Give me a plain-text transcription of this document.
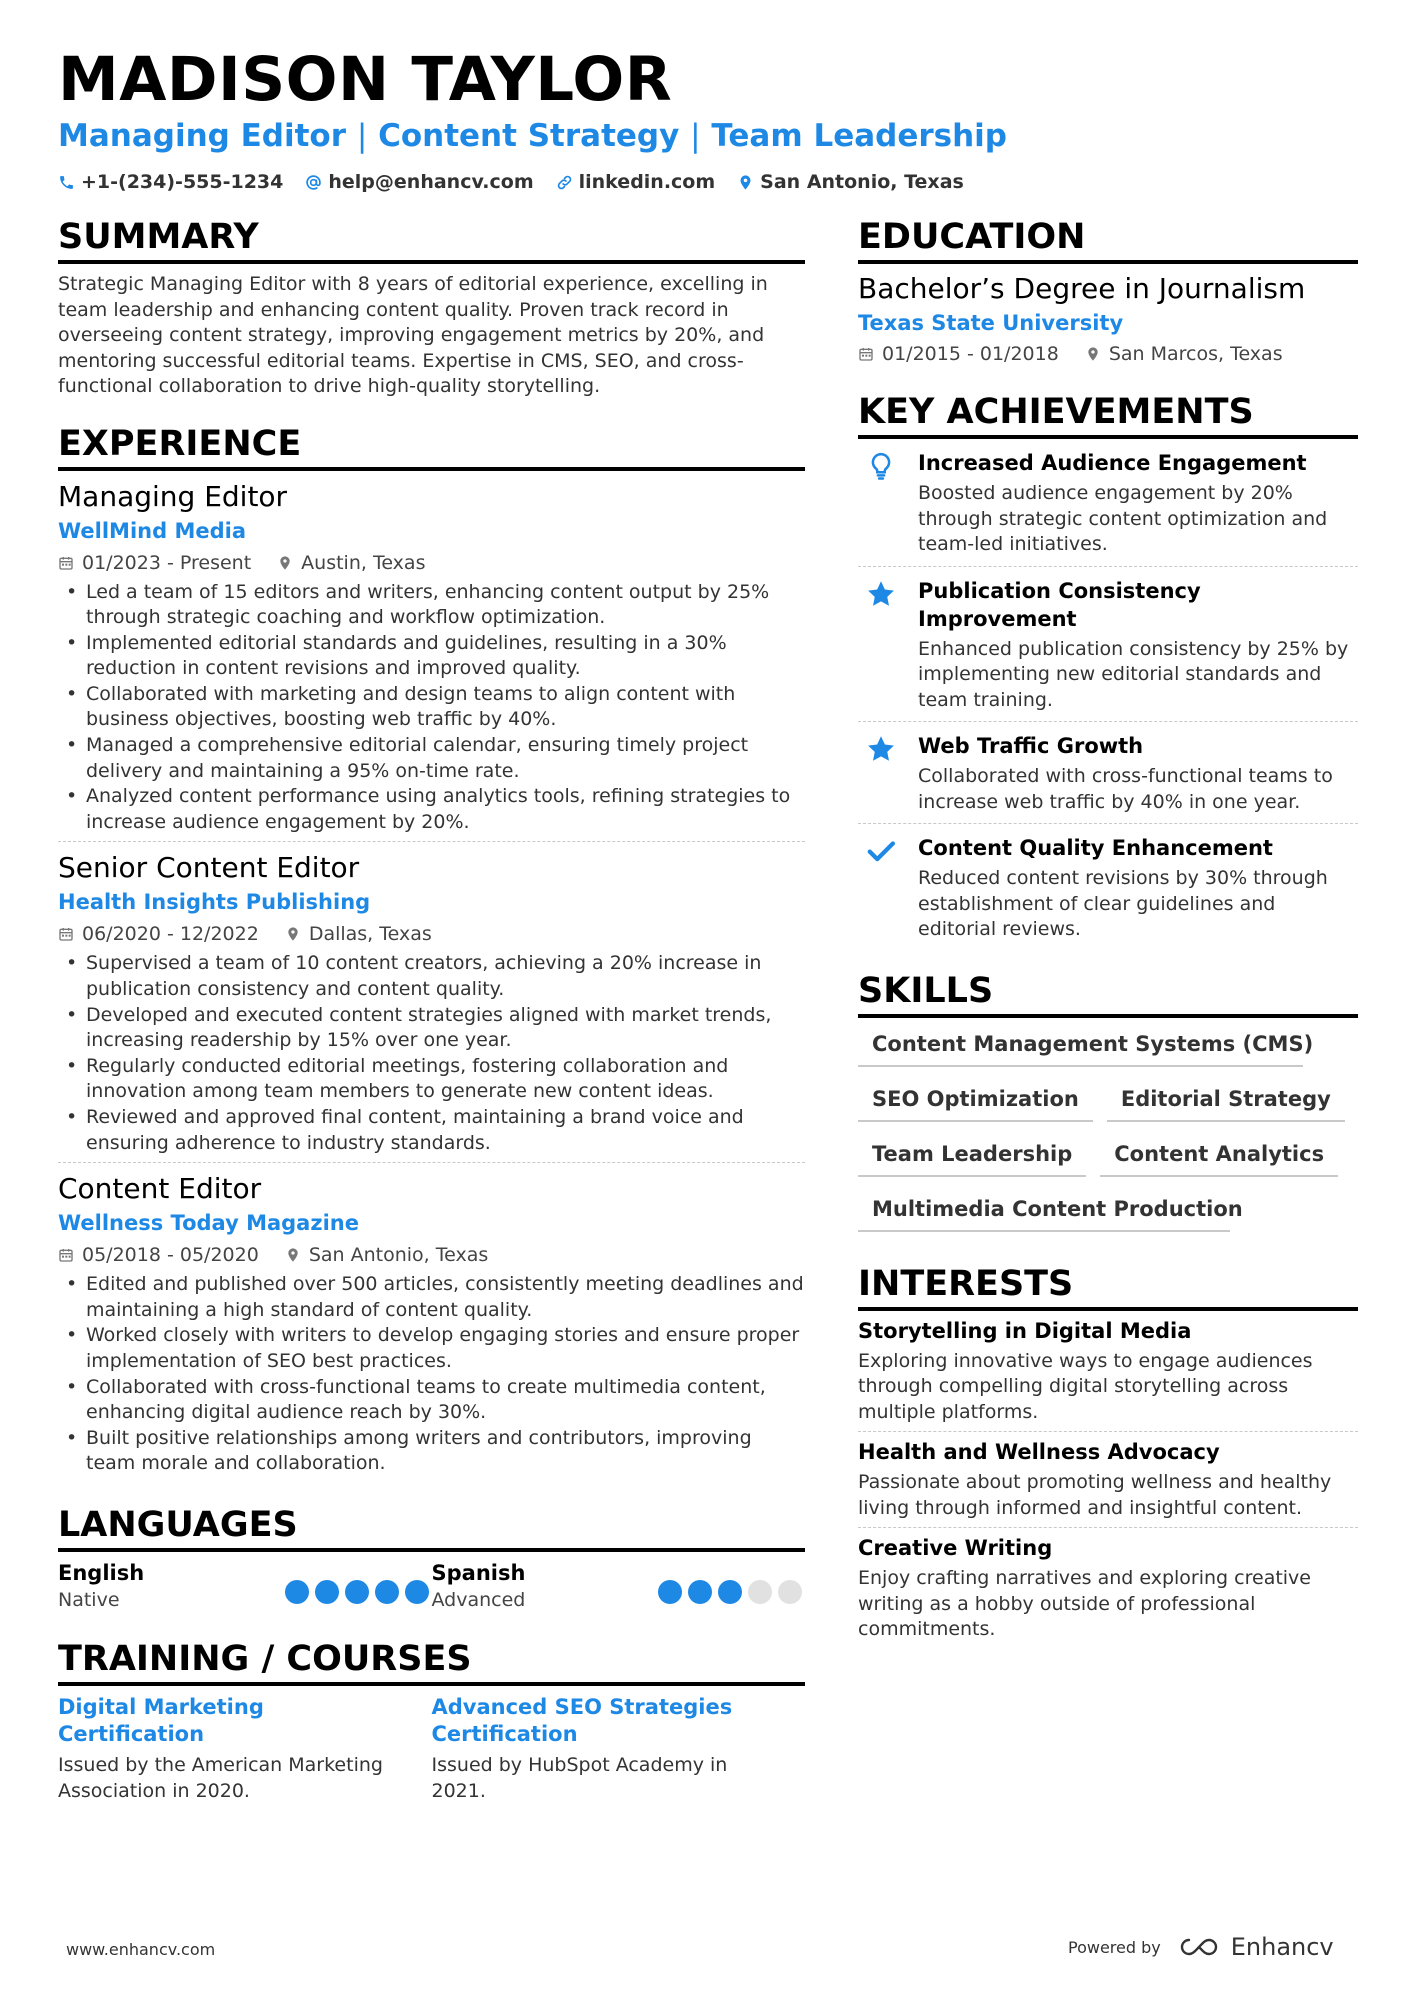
MADISON TAYLOR
Managing Editor | Content Strategy | Team Leadership
+1-(234)-555-1234 help@enhancv.com linkedin.com San Antonio, Texas
SUMMARY

Strategic Managing Editor with 8 years of editorial experience, excelling in team leadership and enhancing content quality. Proven track record in overseeing content strategy, improving engagement metrics by 20%, and mentoring successful editorial teams. Expertise in CMS, SEO, and cross-functional collaboration to drive high-quality storytelling.

EXPERIENCE
Managing Editor
WellMind Media
01/2023 - Present	Austin, Texas
• Led a team of 15 editors and writers, enhancing content output by 25% through strategic coaching and workflow optimization.
• Implemented editorial standards and guidelines, resulting in a 30% reduction in content revisions and improved quality.
• Collaborated with marketing and design teams to align content with business objectives, boosting web traffic by 40%.
• Managed a comprehensive editorial calendar, ensuring timely project delivery and maintaining a 95% on-time rate.
• Analyzed content performance using analytics tools, refining strategies to increase audience engagement by 20%.
Senior Content Editor
Health Insights Publishing
06/2020 - 12/2022	Dallas, Texas
• Supervised a team of 10 content creators, achieving a 20% increase in publication consistency and content quality.
• Developed and executed content strategies aligned with market trends, increasing readership by 15% over one year.
• Regularly conducted editorial meetings, fostering collaboration and innovation among team members to generate new content ideas.
• Reviewed and approved final content, maintaining a brand voice and ensuring adherence to industry standards.
Content Editor
Wellness Today Magazine
05/2018 - 05/2020	San Antonio, Texas
• Edited and published over 500 articles, consistently meeting deadlines and maintaining a high standard of content quality.
• Worked closely with writers to develop engaging stories and ensure proper implementation of SEO best practices.
• Collaborated with cross-functional teams to create multimedia content, enhancing digital audience reach by 30%.
• Built positive relationships among writers and contributors, improving team morale and collaboration.
LANGUAGES
English
Native
Spanish
Advanced
TRAINING / COURSES
Digital Marketing Certification
Issued by the American Marketing Association in 2020.
Advanced SEO Strategies Certification
Issued by HubSpot Academy in 2021.
EDUCATION
Bachelor’s Degree in Journalism
Texas State University
01/2015 - 01/2018	San Marcos, Texas
KEY ACHIEVEMENTS
Increased Audience Engagement
Boosted audience engagement by 20% through strategic content optimization and team-led initiatives.
Publication Consistency Improvement
Enhanced publication consistency by 25% by implementing new editorial standards and team training.
Web Traffic Growth
Collaborated with cross-functional teams to increase web traffic by 40% in one year.
Content Quality Enhancement
Reduced content revisions by 30% through establishment of clear guidelines and editorial reviews.
SKILLS
Content Management Systems (CMS)
SEO Optimization	Editorial Strategy
Team Leadership	Content Analytics
Multimedia Content Production
INTERESTS
Storytelling in Digital Media
Exploring innovative ways to engage audiences through compelling digital storytelling across multiple platforms.
Health and Wellness Advocacy
Passionate about promoting wellness and healthy living through informed and insightful content.
Creative Writing
Enjoy crafting narratives and exploring creative writing as a hobby outside of professional commitments.
www.enhancv.com	Powered by	Enhancv
